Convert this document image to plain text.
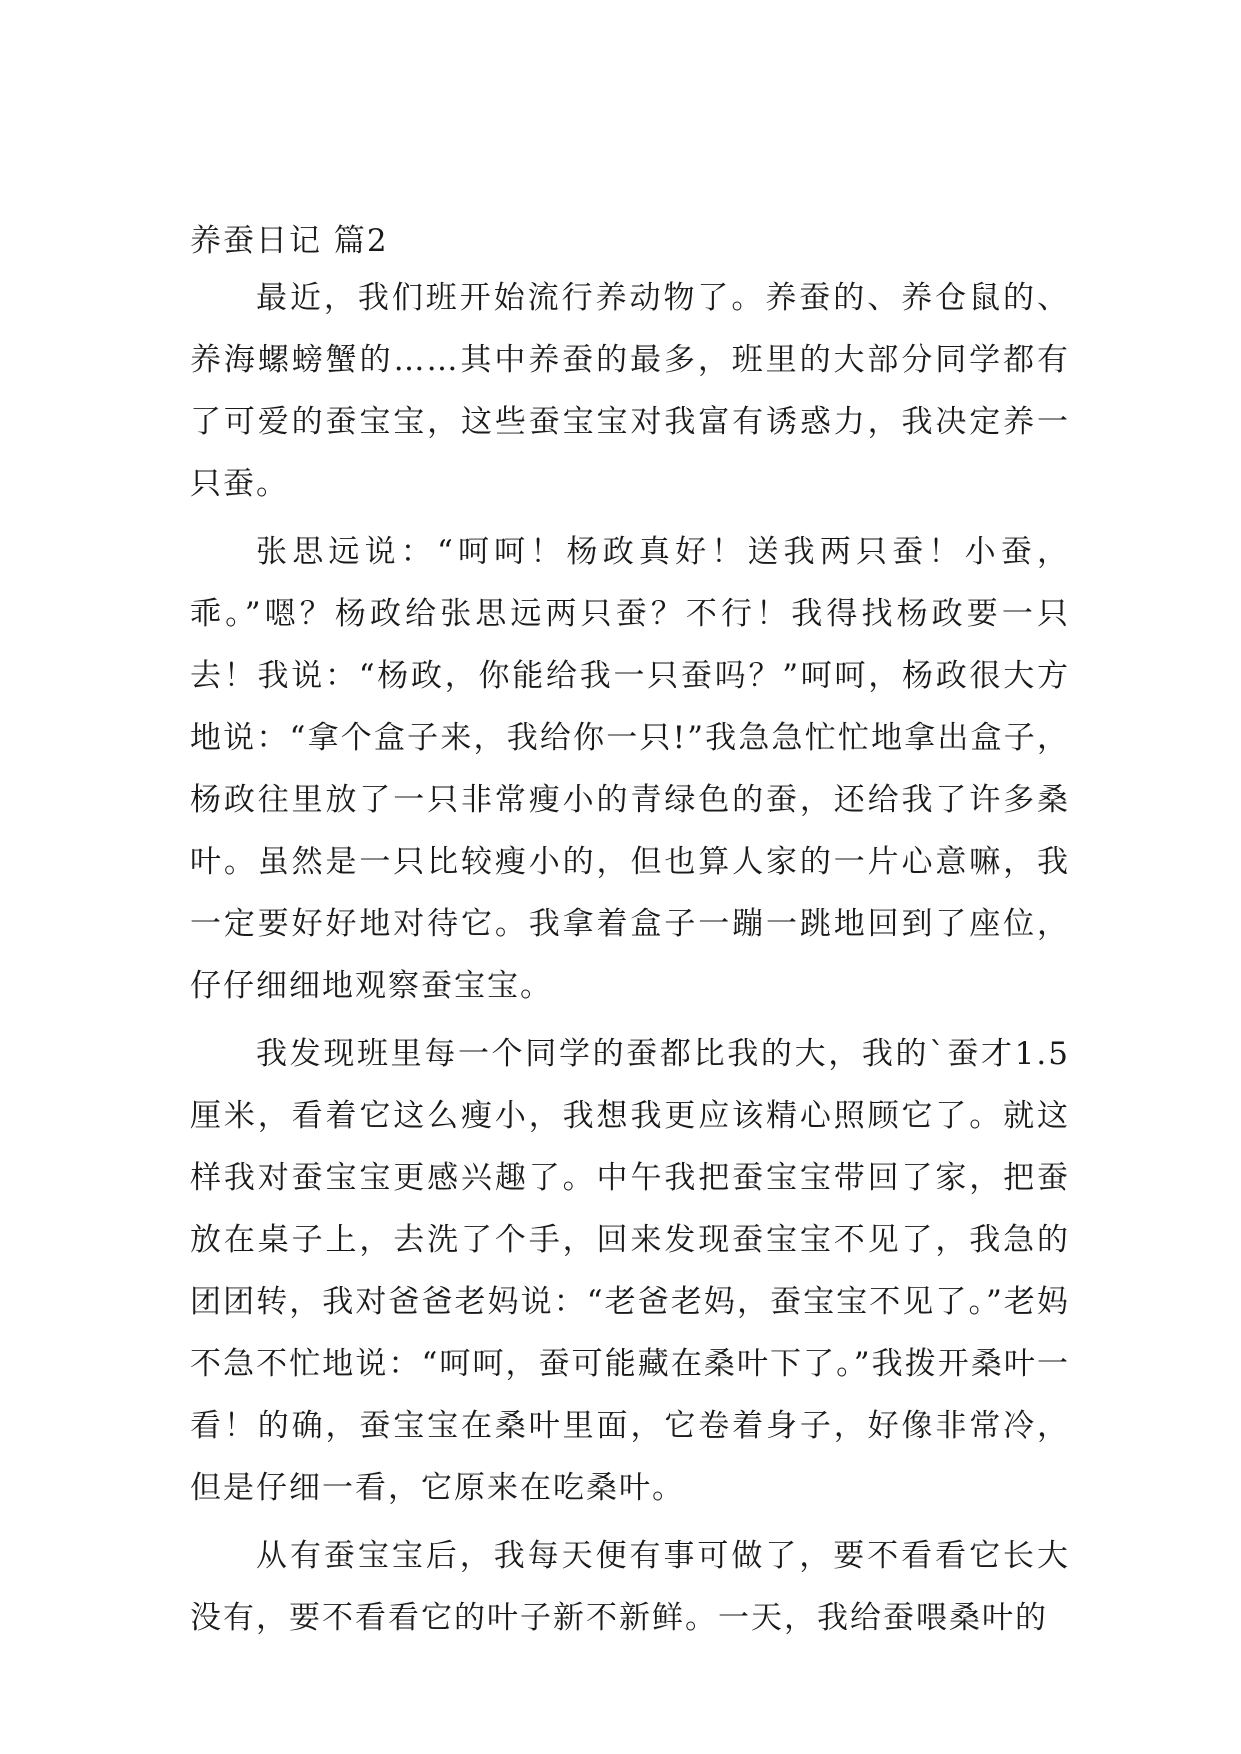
养蚕日记 篇2

最近，我们班开始流行养动物了。养蚕的、养仓鼠的、养海螺螃蟹的……其中养蚕的最多，班里的大部分同学都有了可爱的蚕宝宝，这些蚕宝宝对我富有诱惑力，我决定养一只蚕。

张思远说：“呵呵！杨政真好！送我两只蚕！小蚕，乖。”嗯？杨政给张思远两只蚕？不行！我得找杨政要一只去！我说：“杨政，你能给我一只蚕吗？”呵呵，杨政很大方地说：“拿个盒子来，我给你一只!”我急急忙忙地拿出盒子，杨政往里放了一只非常瘦小的青绿色的蚕，还给我了许多桑叶。虽然是一只比较瘦小的，但也算人家的一片心意嘛，我一定要好好地对待它。我拿着盒子一蹦一跳地回到了座位，仔仔细细地观察蚕宝宝。

我发现班里每一个同学的蚕都比我的大，我的`蚕才1.5厘米，看着它这么瘦小，我想我更应该精心照顾它了。就这样我对蚕宝宝更感兴趣了。中午我把蚕宝宝带回了家，把蚕放在桌子上，去洗了个手，回来发现蚕宝宝不见了，我急的团团转，我对爸爸老妈说：“老爸老妈，蚕宝宝不见了。”老妈不急不忙地说：“呵呵，蚕可能藏在桑叶下了。”我拨开桑叶一看！的确，蚕宝宝在桑叶里面，它卷着身子，好像非常冷，但是仔细一看，它原来在吃桑叶。

从有蚕宝宝后，我每天便有事可做了，要不看看它长大没有，要不看看它的叶子新不新鲜。一天，我给蚕喂桑叶的
